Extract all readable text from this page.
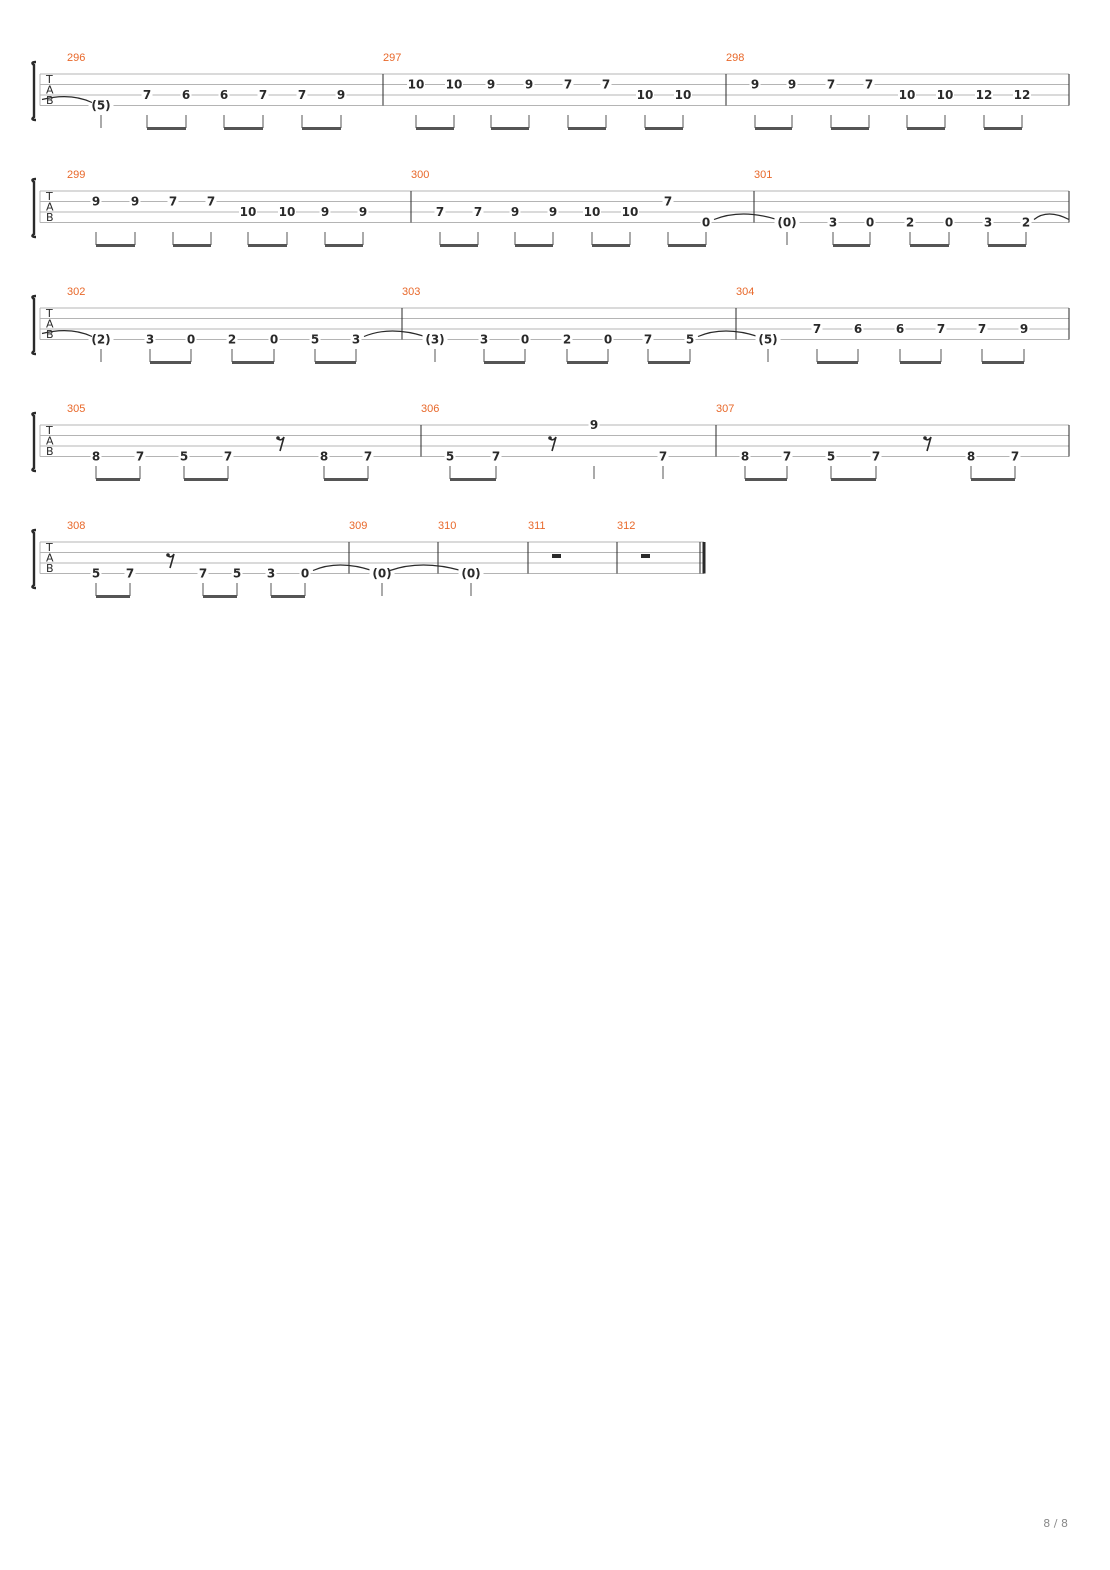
T
A
B
296
(5)
7	6 6	7	7	9
297
10 10 9 9	7 7
10 10
298
9 9	7 7
10 10 12 12
T
A
B
299
9	9 7 7
10 10 9 9
300
7 7 9 9 10 10
7
0
301
(0)	3 0	2	0	3 2
T
A
B
302
(2)	3	0	2	0	5	3
303
(3)	3	0	2	0	7	5
304
(5)
7	6	6	7	7	9
T
A
B
305
8	7	5	7	8	7
306
5	7
9
7
307
8	7	5	7	8	7
T
A
B
308
5 7	7 5 3 0
309
(0)
310
(0)
311	312
8 / 8
